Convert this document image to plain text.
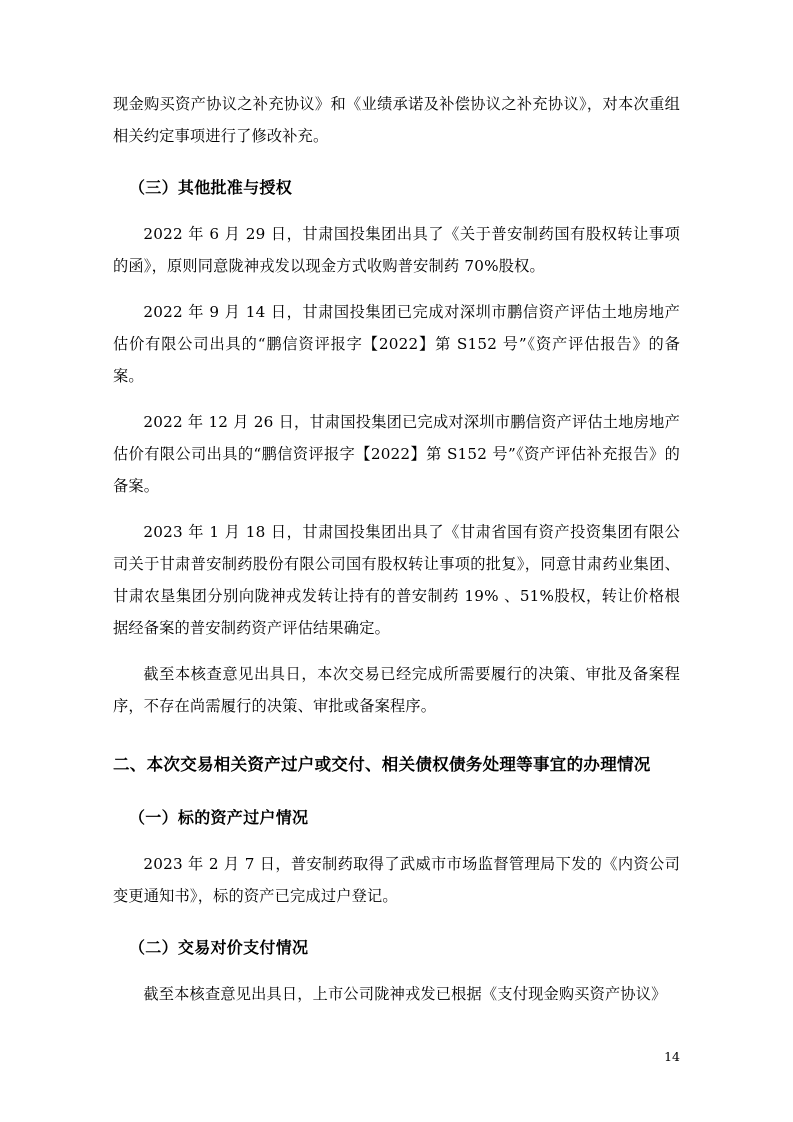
现金购买资产协议之补充协议》和《业绩承诺及补偿协议之补充协议》，对本次重组相关约定事项进行了修改补充。

（三）其他批准与授权

2022 年 6 月 29 日，甘肃国投集团出具了《关于普安制药国有股权转让事项的函》，原则同意陇神戎发以现金方式收购普安制药 70%股权。

2022 年 9 月 14 日，甘肃国投集团已完成对深圳市鹏信资产评估土地房地产估价有限公司出具的“鹏信资评报字【2022】第 S152 号”《资产评估报告》的备案。

2022 年 12 月 26 日，甘肃国投集团已完成对深圳市鹏信资产评估土地房地产估价有限公司出具的“鹏信资评报字【2022】第 S152 号”《资产评估补充报告》的备案。

2023 年 1 月 18 日，甘肃国投集团出具了《甘肃省国有资产投资集团有限公司关于甘肃普安制药股份有限公司国有股权转让事项的批复》，同意甘肃药业集团、甘肃农垦集团分别向陇神戎发转让持有的普安制药 19% 、51%股权，转让价格根据经备案的普安制药资产评估结果确定。

截至本核查意见出具日，本次交易已经完成所需要履行的决策、审批及备案程序，不存在尚需履行的决策、审批或备案程序。

二、本次交易相关资产过户或交付、相关债权债务处理等事宜的办理情况
（一）标的资产过户情况

2023 年 2 月 7 日，普安制药取得了武威市市场监督管理局下发的《内资公司变更通知书》，标的资产已完成过户登记。

（二）交易对价支付情况

截至本核查意见出具日，上市公司陇神戎发已根据《支付现金购买资产协议》

14
